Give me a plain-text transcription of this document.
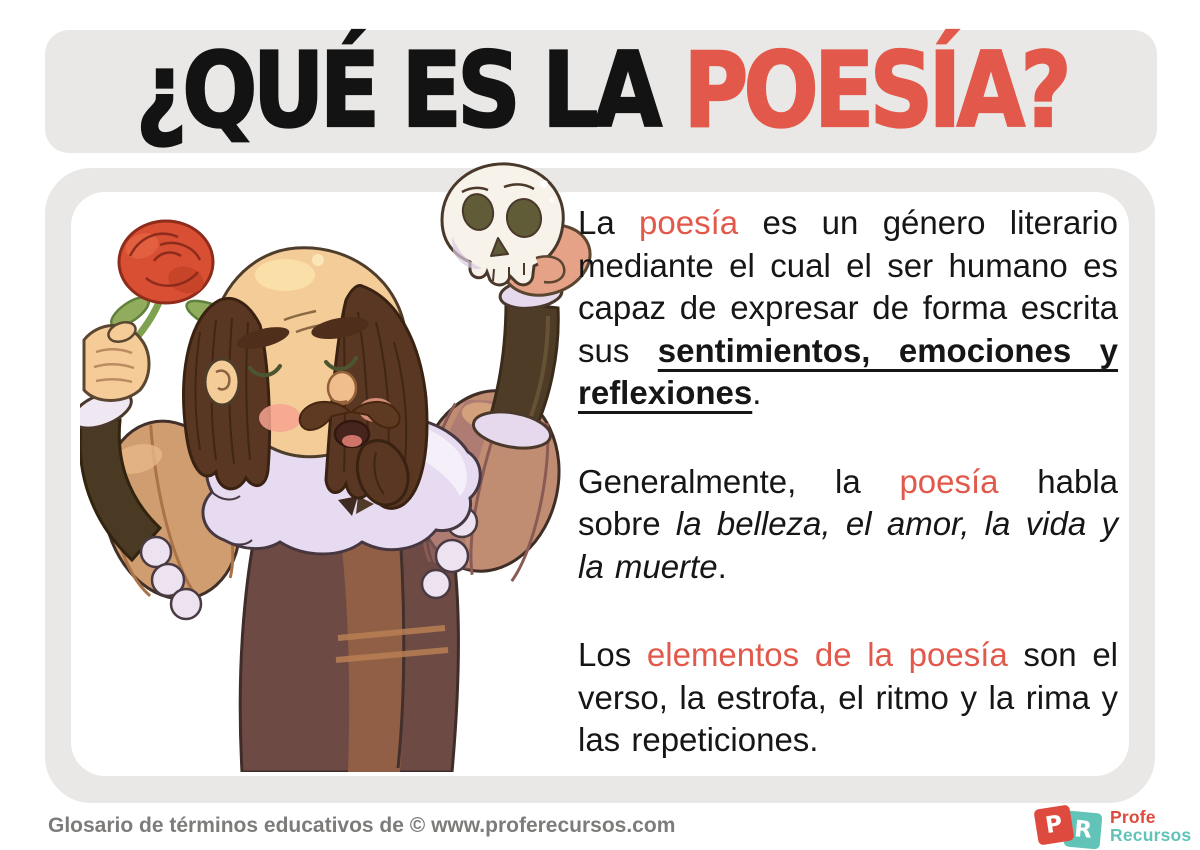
¿QUÉ ES LA POESÍA?

La poesía es un género literario mediante el cual el ser humano es capaz de expresar de forma escrita sus sentimientos, emociones y reflexiones.

Generalmente, la poesía habla sobre la belleza, el amor, la vida y la muerte.

Los elementos de la poesía son el verso, la estrofa, el ritmo y la rima y las repeticiones.

Glosario de términos educativos de © www.proferecursos.com	P R Profe
Recursos
